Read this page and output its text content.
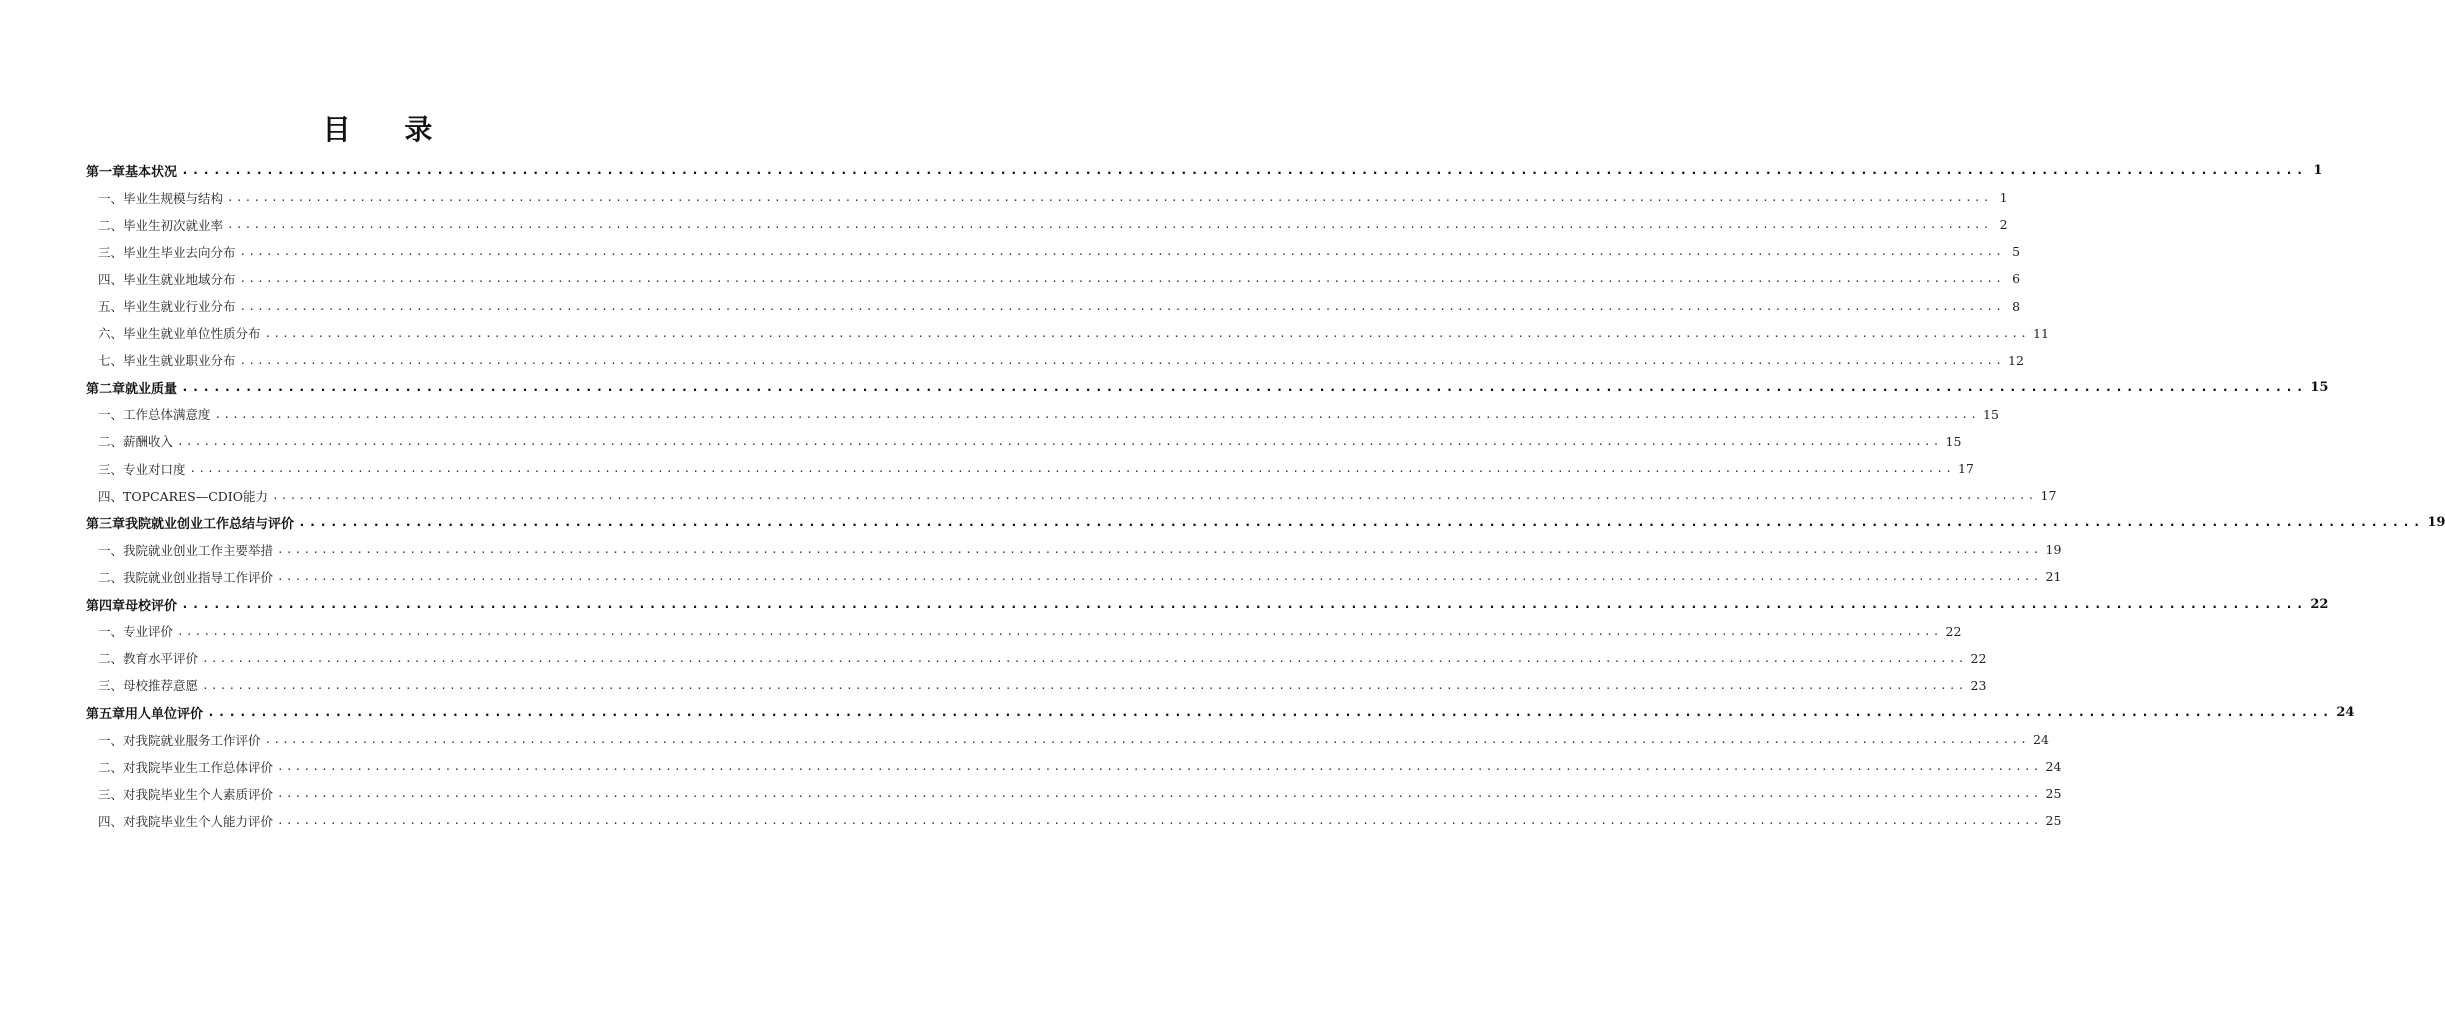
目 录
第一章 基本状况 ........................................................................................................................................................................................................ 1
一、 毕业生规模与结构 ........................................................................................................................................................................................................ 1
二、 毕业生初次就业率 ........................................................................................................................................................................................................ 2
三、 毕业生毕业去向分布 ........................................................................................................................................................................................................ 5
四、 毕业生就业地域分布 ........................................................................................................................................................................................................ 6
五、 毕业生就业行业分布 ........................................................................................................................................................................................................ 8
六、 毕业生就业单位性质分布 ........................................................................................................................................................................................................ 11
七、 毕业生就业职业分布 ........................................................................................................................................................................................................ 12
第二章 就业质量 ........................................................................................................................................................................................................ 15
一、 工作总体满意度 ........................................................................................................................................................................................................ 15
二、 薪酬收入 ........................................................................................................................................................................................................ 15
三、 专业对口度 ........................................................................................................................................................................................................ 17
四、 TOPCARES—CDIO能力 ........................................................................................................................................................................................................ 17
第三章 我院就业创业工作总结与评价 ........................................................................................................................................................................................................ 19
一、 我院就业创业工作主要举措 ........................................................................................................................................................................................................ 19
二、 我院就业创业指导工作评价 ........................................................................................................................................................................................................ 21
第四章 母校评价 ........................................................................................................................................................................................................ 22
一、 专业评价 ........................................................................................................................................................................................................ 22
二、 教育水平评价 ........................................................................................................................................................................................................ 22
三、 母校推荐意愿 ........................................................................................................................................................................................................ 23
第五章 用人单位评价 ........................................................................................................................................................................................................ 24
一、 对我院就业服务工作评价 ........................................................................................................................................................................................................ 24
二、 对我院毕业生工作总体评价 ........................................................................................................................................................................................................ 24
三、 对我院毕业生个人素质评价 ........................................................................................................................................................................................................ 25
四、 对我院毕业生个人能力评价 ........................................................................................................................................................................................................ 25
